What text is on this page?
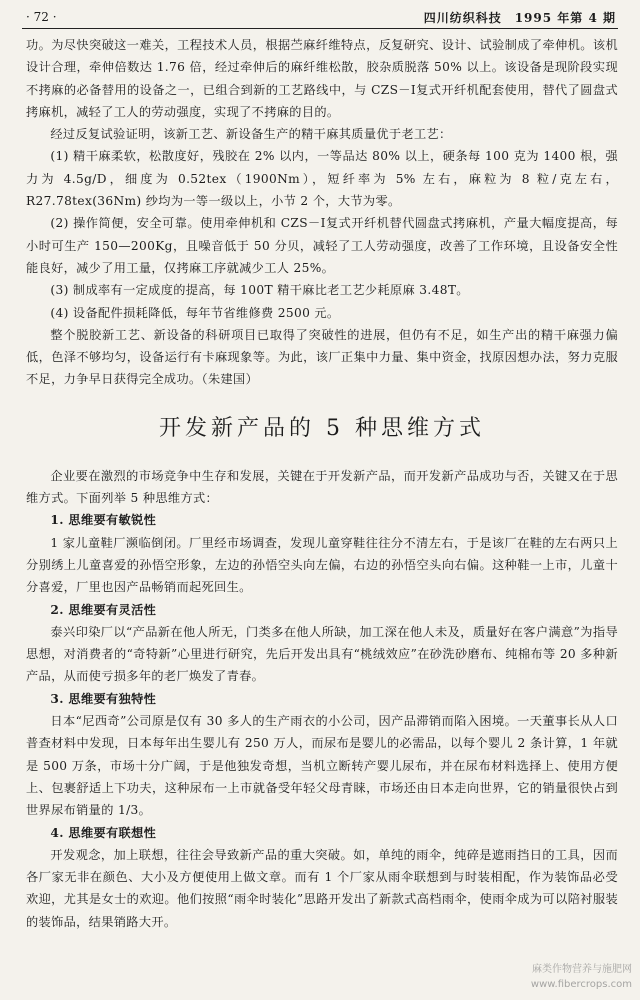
· 72 ·	四川纺织科技　1995 年第 4 期

功。为尽快突破这一难关，工程技术人员，根据苎麻纤维特点，反复研究、设计、试验制成了牵伸机。该机设计合理，牵伸倍数达 1.76 倍，经过牵伸后的麻纤维松散，胶杂质脱落 50% 以上。该设备是现阶段实现不拷麻的必备替用的设备之一，已组合到新的工艺路线中，与 CZS－Ⅰ复式开纤机配套使用，替代了圆盘式拷麻机，减轻了工人的劳动强度，实现了不拷麻的目的。

经过反复试验证明，该新工艺、新设备生产的精干麻其质量优于老工艺：

(1) 精干麻柔软，松散度好，残胶在 2% 以内，一等品达 80% 以上，硬条每 100 克为 1400 根，强力为 4.5g/D，细度为 0.52tex（1900Nm），短纤率为 5% 左右，麻粒为 8 粒/克左右，R27.78tex(36Nm) 纱均为一等一级以上，小节 2 个，大节为零。

(2) 操作简便，安全可靠。使用牵伸机和 CZS－Ⅰ复式开纤机替代圆盘式拷麻机，产量大幅度提高，每小时可生产 150—200Kg，且噪音低于 50 分贝，减轻了工人劳动强度，改善了工作环境，且设备安全性能良好，减少了用工量，仅拷麻工序就减少工人 25%。

(3) 制成率有一定成度的提高，每 100T 精干麻比老工艺少耗原麻 3.48T。

(4) 设备配件损耗降低，每年节省维修费 2500 元。

整个脱胶新工艺、新设备的科研项目已取得了突破性的进展，但仍有不足，如生产出的精干麻强力偏低，色泽不够均匀，设备运行有卡麻现象等。为此，该厂正集中力量、集中资金，找原因想办法，努力克服不足，力争早日获得完全成功。（朱建国）

开发新产品的 5 种思维方式

企业要在激烈的市场竞争中生存和发展，关键在于开发新产品，而开发新产品成功与否，关键又在于思维方式。下面列举 5 种思维方式：

1. 思维要有敏锐性

1 家儿童鞋厂濒临倒闭。厂里经市场调查，发现儿童穿鞋往往分不清左右，于是该厂在鞋的左右两只上分别绣上儿童喜爱的孙悟空形象，左边的孙悟空头向左偏，右边的孙悟空头向右偏。这种鞋一上市，儿童十分喜爱，厂里也因产品畅销而起死回生。

2. 思维要有灵活性

泰兴印染厂以“产品新在他人所无，门类多在他人所缺，加工深在他人未及，质量好在客户满意”为指导思想，对消费者的“奇特新”心里进行研究，先后开发出具有“桃绒效应”在砂洗砂磨布、纯棉布等 20 多种新产品，从而使亏损多年的老厂焕发了青春。

3. 思维要有独特性

日本“尼西奇”公司原是仅有 30 多人的生产雨衣的小公司，因产品滞销而陷入困境。一天董事长从人口普查材料中发现，日本每年出生婴儿有 250 万人，而尿布是婴儿的必需品，以每个婴儿 2 条计算，1 年就是 500 万条，市场十分广阔，于是他独发奇想，当机立断转产婴儿尿布，并在尿布材料选择上、使用方便上、包裹舒适上下功夫，这种尿布一上市就备受年轻父母青睐，市场还由日本走向世界，它的销量很快占到世界尿布销量的 1/3。

4. 思维要有联想性

开发观念，加上联想，往往会导致新产品的重大突破。如，单纯的雨伞，纯碎是遮雨挡日的工具，因而各厂家无非在颜色、大小及方便使用上做文章。而有 1 个厂家从雨伞联想到与时装相配，作为装饰品必受欢迎，尤其是女士的欢迎。他们按照“雨伞时装化”思路开发出了新款式高档雨伞，使雨伞成为可以陪衬服装的装饰品，结果销路大开。

麻类作物营养与施肥网
www.fibercrops.com
